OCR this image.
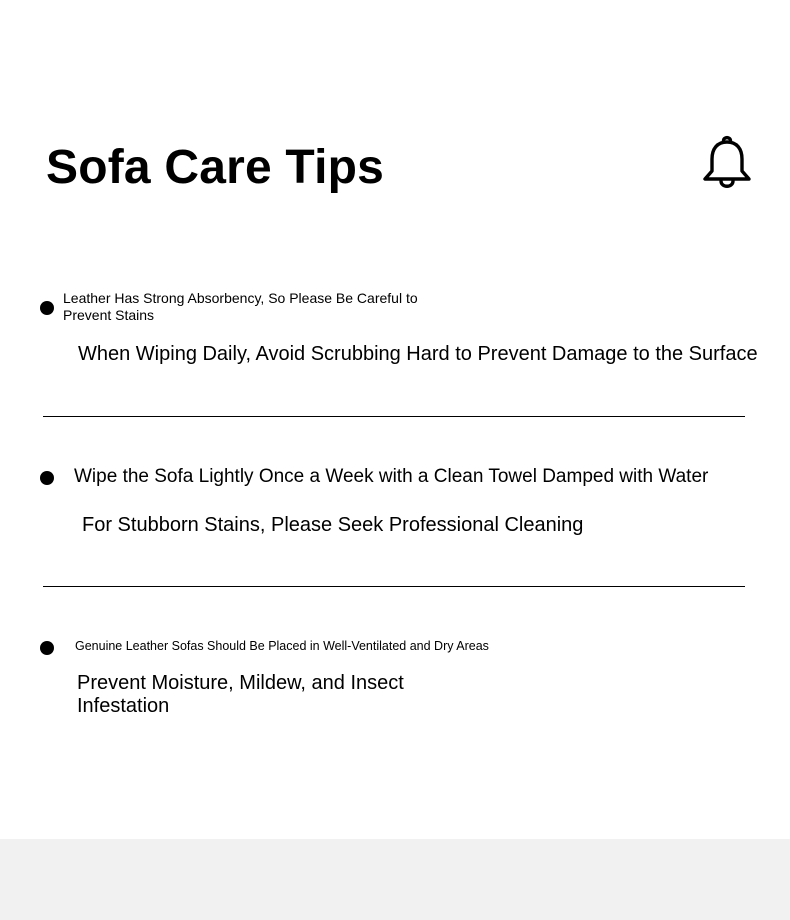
Sofa Care Tips

Leather Has Strong Absorbency, So Please Be Careful to Prevent Stains

When Wiping Daily, Avoid Scrubbing Hard to Prevent Damage to the Surface

Wipe the Sofa Lightly Once a Week with a Clean Towel Damped with Water

For Stubborn Stains, Please Seek Professional Cleaning

Genuine Leather Sofas Should Be Placed in Well-Ventilated and Dry Areas

Prevent Moisture, Mildew, and Insect Infestation
